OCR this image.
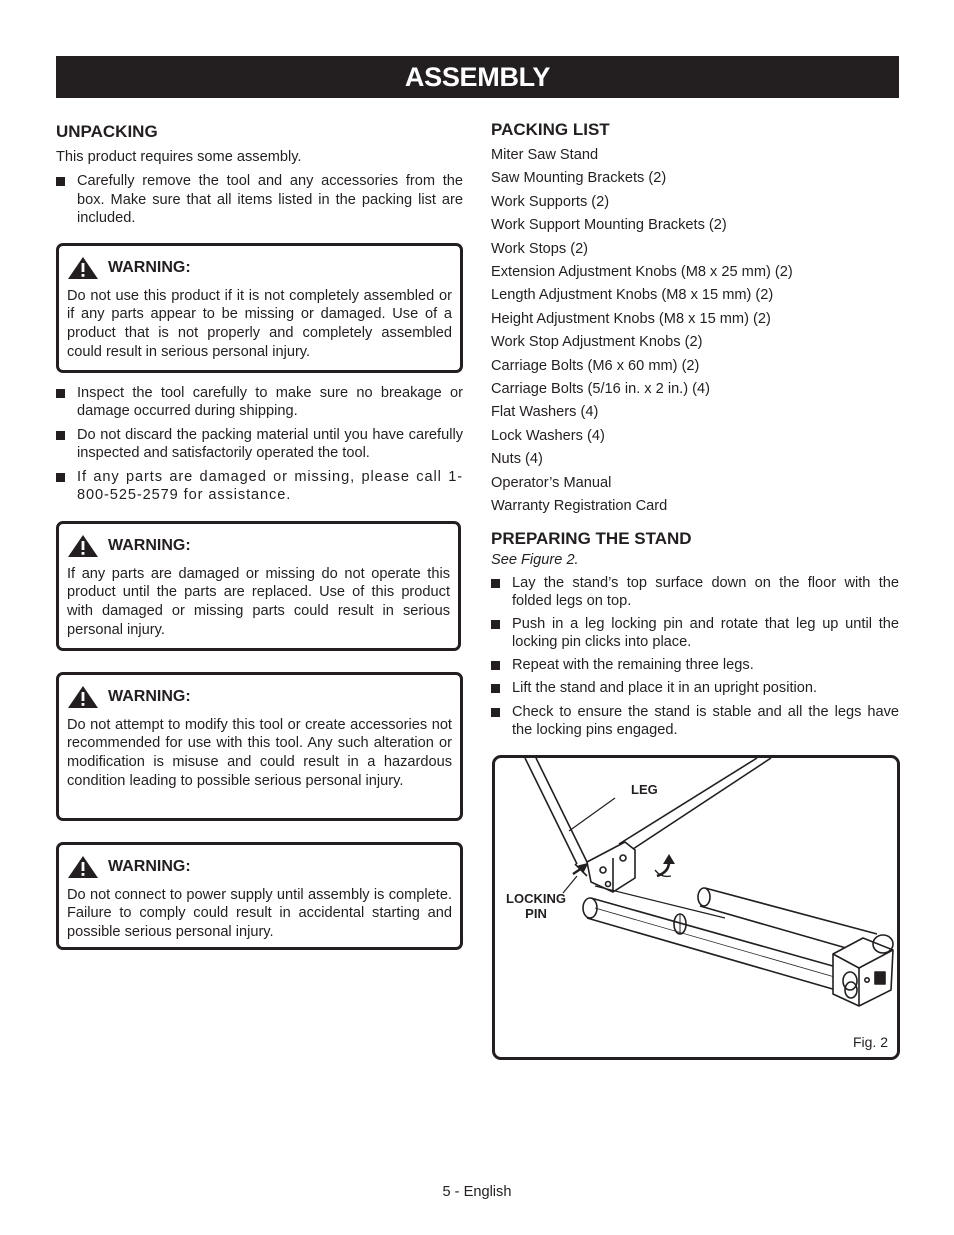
ASSEMBLY
UNPACKING

This product requires some assembly.

Carefully remove the tool and any accessories from the box. Make sure that all items listed in the packing list are included.
WARNING:

Do not use this product if it is not completely assembled or if any parts appear to be missing or damaged. Use of a product that is not properly and completely assembled could result in serious personal injury.

Inspect the tool carefully to make sure no breakage or damage occurred during shipping.
Do not discard the packing material until you have carefully inspected and satisfactorily operated the tool.
If any parts are damaged or missing, please call 1-800-525-2579 for assistance.
WARNING:

If any parts are damaged or missing do not operate this product until the parts are replaced. Use of this product with damaged or missing parts could result in serious personal injury.

WARNING:

Do not attempt to modify this tool or create accessories not recommended for use with this tool. Any such alteration or modification is misuse and could result in a hazardous condition leading to possible serious personal injury.

WARNING:

Do not connect to power supply until assembly is complete. Failure to comply could result in accidental starting and possible serious personal injury.

PACKING LIST
Miter Saw Stand
Saw Mounting Brackets (2)
Work Supports (2)
Work Support Mounting Brackets (2)
Work Stops (2)
Extension Adjustment Knobs (M8 x 25 mm) (2)
Length Adjustment Knobs (M8 x 15 mm) (2)
Height Adjustment Knobs (M8 x 15 mm) (2)
Work Stop Adjustment Knobs (2)
Carriage Bolts (M6 x 60 mm) (2)
Carriage Bolts (5/16 in. x 2 in.) (4)
Flat Washers (4)
Lock Washers (4)
Nuts (4)
Operator’s Manual
Warranty Registration Card
PREPARING THE STAND

See Figure 2.

Lay the stand’s top surface down on the floor with the folded legs on top.
Push in a leg locking pin and rotate that leg up until the locking pin clicks into place.
Repeat with the remaining three legs.
Lift the stand and place it in an upright position.
Check to ensure the stand is stable and all the legs have the locking pins engaged.
LEG
LOCKING
PIN
Fig. 2
5 - English
